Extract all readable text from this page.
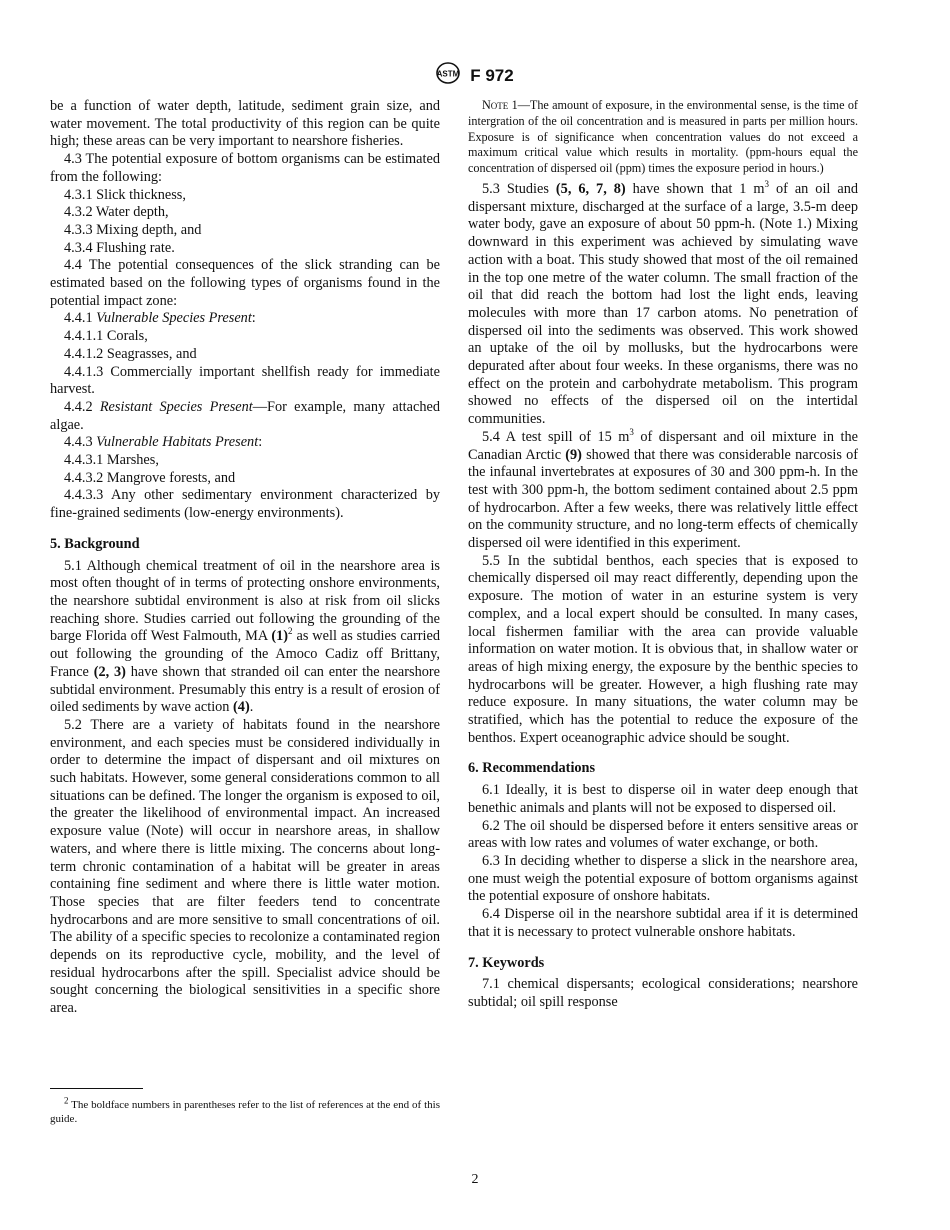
ASTM F 972

be a function of water depth, latitude, sediment grain size, and water movement. The total productivity of this region can be quite high; these areas can be very important to nearshore fisheries.

4.3 The potential exposure of bottom organisms can be estimated from the following:

4.3.1 Slick thickness,

4.3.2 Water depth,

4.3.3 Mixing depth, and

4.3.4 Flushing rate.

4.4 The potential consequences of the slick stranding can be estimated based on the following types of organisms found in the potential impact zone:

4.4.1 Vulnerable Species Present:

4.4.1.1 Corals,

4.4.1.2 Seagrasses, and

4.4.1.3 Commercially important shellfish ready for immediate harvest.

4.4.2 Resistant Species Present—For example, many attached algae.

4.4.3 Vulnerable Habitats Present:

4.4.3.1 Marshes,

4.4.3.2 Mangrove forests, and

4.4.3.3 Any other sedimentary environment characterized by fine-grained sediments (low-energy environments).

5. Background

5.1 Although chemical treatment of oil in the nearshore area is most often thought of in terms of protecting onshore environments, the nearshore subtidal environment is also at risk from oil slicks reaching shore. Studies carried out following the grounding of the barge Florida off West Falmouth, MA $(1)^2$ as well as studies carried out following the grounding of the Amoco Cadiz off Brittany, France (2, 3) have shown that stranded oil can enter the nearshore subtidal environment. Presumably this entry is a result of erosion of oiled sediments by wave action (4).

5.2 There are a variety of habitats found in the nearshore environment, and each species must be considered individually in order to determine the impact of dispersant and oil mixtures on such habitats. However, some general considerations common to all situations can be defined. The longer the organism is exposed to oil, the greater the likelihood of environmental impact. An increased exposure value (Note) will occur in nearshore areas, in shallow waters, and where there is little mixing. The concerns about long-term chronic contamination of a habitat will be greater in areas containing fine sediment and where there is little water motion. Those species that are filter feeders tend to concentrate hydrocarbons and are more sensitive to small concentrations of oil. The ability of a specific species to recolonize a contaminated region depends on its reproductive cycle, mobility, and the level of residual hydrocarbons after the spill. Specialist advice should be sought concerning the biological sensitivities in a specific shore area.

$^2$ The boldface numbers in parentheses refer to the list of references at the end of this guide.

Note 1—The amount of exposure, in the environmental sense, is the time of intergration of the oil concentration and is measured in parts per million hours. Exposure is of significance when concentration values do not exceed a maximum critical value which results in mortality. (ppm-hours equal the concentration of dispersed oil (ppm) times the exposure period in hours.)

5.3 Studies (5, 6, 7, 8) have shown that 1 $m^3$ of an oil and dispersant mixture, discharged at the surface of a large, 3.5-m deep water body, gave an exposure of about 50 ppm-h. (Note 1.) Mixing downward in this experiment was achieved by simulating wave action with a boat. This study showed that most of the oil remained in the top one metre of the water column. The small fraction of the oil that did reach the bottom had lost the light ends, leaving molecules with more than 17 carbon atoms. No penetration of dispersed oil into the sediments was observed. This work showed an uptake of the oil by mollusks, but the hydrocarbons were depurated after about four weeks. In these organisms, there was no effect on the protein and carbohydrate metabolism. This program showed no effects of the dispersed oil on the intertidal communities.

5.4 A test spill of 15 $m^3$ of dispersant and oil mixture in the Canadian Arctic (9) showed that there was considerable narcosis of the infaunal invertebrates at exposures of 30 and 300 ppm-h. In the test with 300 ppm-h, the bottom sediment contained about 2.5 ppm of hydrocarbon. After a few weeks, there was relatively little effect on the community structure, and no long-term effects of chemically dispersed oil were identified in this experiment.

5.5 In the subtidal benthos, each species that is exposed to chemically dispersed oil may react differently, depending upon the exposure. The motion of water in an esturine system is very complex, and a local expert should be consulted. In many cases, local fishermen familiar with the area can provide valuable information on water motion. It is obvious that, in shallow water or areas of high mixing energy, the exposure by the benthic species to hydrocarbons will be greater. However, a high flushing rate may reduce exposure. In many situations, the water column may be stratified, which has the potential to reduce the exposure of the benthos. Expert oceanographic advice should be sought.

6. Recommendations

6.1 Ideally, it is best to disperse oil in water deep enough that benethic animals and plants will not be exposed to dispersed oil.

6.2 The oil should be dispersed before it enters sensitive areas or areas with low rates and volumes of water exchange, or both.

6.3 In deciding whether to disperse a slick in the nearshore area, one must weigh the potential exposure of bottom organisms against the potential exposure of onshore habitats.

6.4 Disperse oil in the nearshore subtidal area if it is determined that it is necessary to protect vulnerable onshore habitats.

7. Keywords

7.1 chemical dispersants; ecological considerations; nearshore subtidal; oil spill response

2
